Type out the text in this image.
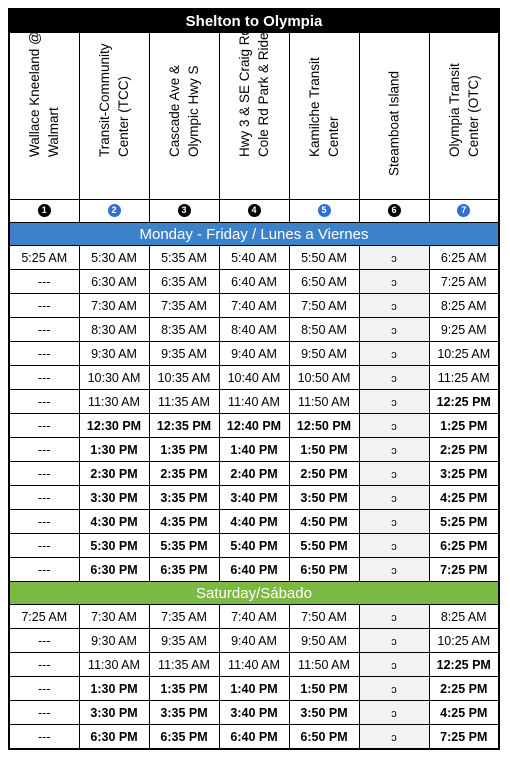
Shelton to Olympia						

Wallace Kneeland @
Walmart	Transit-Community
Center (TCC)	Cascade Ave &
Olympic Hwy S	Hwy 3 & SE Craig Rd
Cole Rd Park & Ride	Kamilche Transit
Center	Steamboat Island	Olympia Transit
Center (OTC)

1	2	3	4	5	6	7
Monday - Friday / Lunes a Viernes						
5:25 AM	5:30 AM	5:35 AM	5:40 AM	5:50 AM	ↄ	6:25 AM
---	6:30 AM	6:35 AM	6:40 AM	6:50 AM	ↄ	7:25 AM
---	7:30 AM	7:35 AM	7:40 AM	7:50 AM	ↄ	8:25 AM
---	8:30 AM	8:35 AM	8:40 AM	8:50 AM	ↄ	9:25 AM
---	9:30 AM	9:35 AM	9:40 AM	9:50 AM	ↄ	10:25 AM
---	10:30 AM	10:35 AM	10:40 AM	10:50 AM	ↄ	11:25 AM
---	11:30 AM	11:35 AM	11:40 AM	11:50 AM	ↄ	12:25 PM
---	12:30 PM	12:35 PM	12:40 PM	12:50 PM	ↄ	1:25 PM
---	1:30 PM	1:35 PM	1:40 PM	1:50 PM	ↄ	2:25 PM
---	2:30 PM	2:35 PM	2:40 PM	2:50 PM	ↄ	3:25 PM
---	3:30 PM	3:35 PM	3:40 PM	3:50 PM	ↄ	4:25 PM
---	4:30 PM	4:35 PM	4:40 PM	4:50 PM	ↄ	5:25 PM
---	5:30 PM	5:35 PM	5:40 PM	5:50 PM	ↄ	6:25 PM
---	6:30 PM	6:35 PM	6:40 PM	6:50 PM	ↄ	7:25 PM
Saturday/Sábado						
7:25 AM	7:30 AM	7:35 AM	7:40 AM	7:50 AM	ↄ	8:25 AM
---	9:30 AM	9:35 AM	9:40 AM	9:50 AM	ↄ	10:25 AM
---	11:30 AM	11:35 AM	11:40 AM	11:50 AM	ↄ	12:25 PM
---	1:30 PM	1:35 PM	1:40 PM	1:50 PM	ↄ	2:25 PM
---	3:30 PM	3:35 PM	3:40 PM	3:50 PM	ↄ	4:25 PM
---	6:30 PM	6:35 PM	6:40 PM	6:50 PM	ↄ	7:25 PM
